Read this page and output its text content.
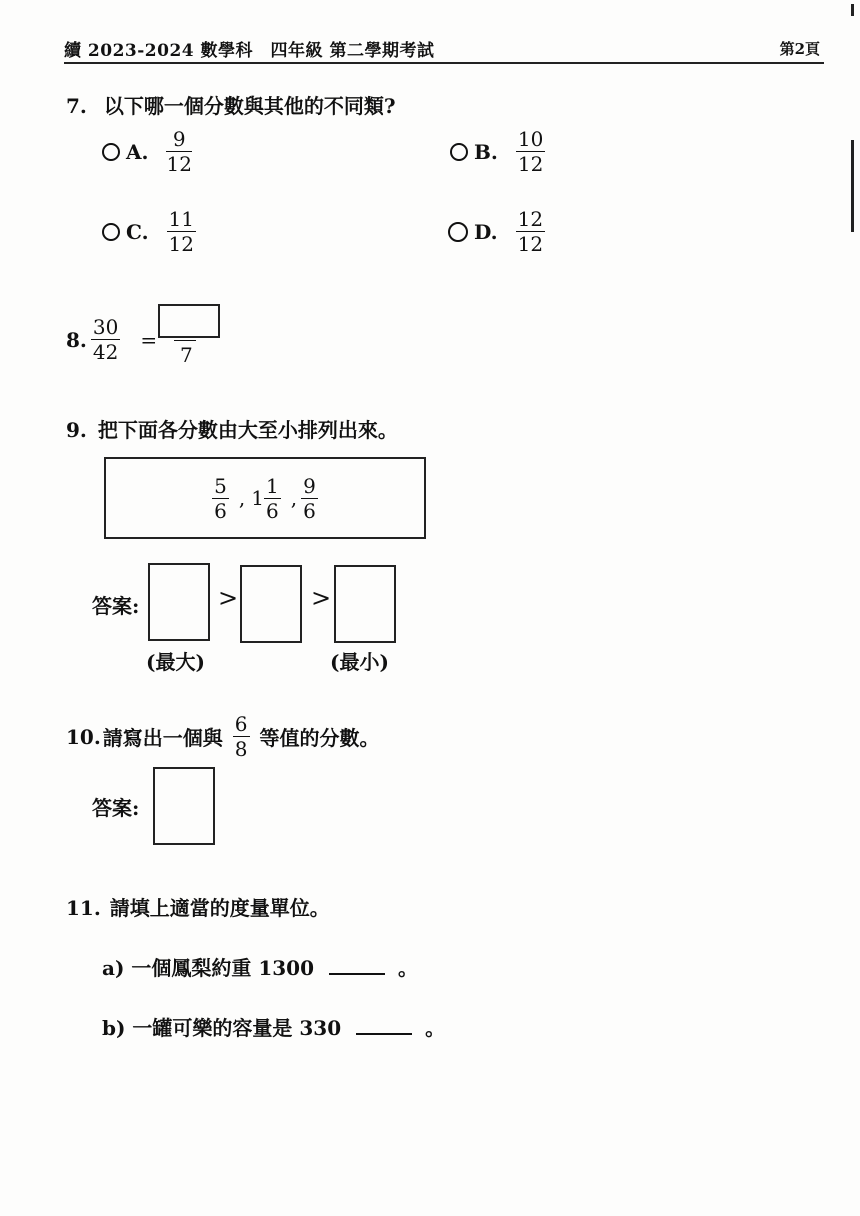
續 2023-2024 數學科　四年級 第二學期考試	第2頁
7. 以下哪一個分數與其他的不同類?
A. $\frac{9}{12}$	B. $\frac{10}{12}$
C. $\frac{11}{12}$	D. $\frac{12}{12}$
8. $\frac{30}{42}$ =
7
9. 把下面各分數由大至小排列出來。
$\frac{5}{6}$ , $1 \frac{1}{6}$ , $\frac{9}{6}$
答案:	>	>
(最大)	(最小)
10. 請寫出一個與 $\frac{6}{8}$ 等值的分數。
答案:
11. 請填上適當的度量單位。
a) 一個鳳梨約重 1300	。
b) 一罐可樂的容量是 330	。
